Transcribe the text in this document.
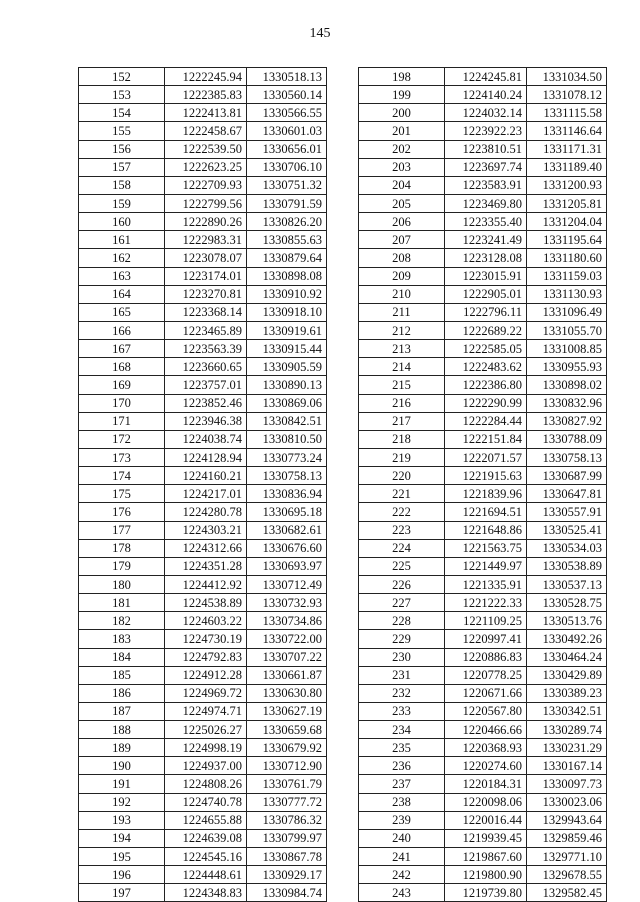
145
152	1222245.94	1330518.13
153	1222385.83	1330560.14
154	1222413.81	1330566.55
155	1222458.67	1330601.03
156	1222539.50	1330656.01
157	1222623.25	1330706.10
158	1222709.93	1330751.32
159	1222799.56	1330791.59
160	1222890.26	1330826.20
161	1222983.31	1330855.63
162	1223078.07	1330879.64
163	1223174.01	1330898.08
164	1223270.81	1330910.92
165	1223368.14	1330918.10
166	1223465.89	1330919.61
167	1223563.39	1330915.44
168	1223660.65	1330905.59
169	1223757.01	1330890.13
170	1223852.46	1330869.06
171	1223946.38	1330842.51
172	1224038.74	1330810.50
173	1224128.94	1330773.24
174	1224160.21	1330758.13
175	1224217.01	1330836.94
176	1224280.78	1330695.18
177	1224303.21	1330682.61
178	1224312.66	1330676.60
179	1224351.28	1330693.97
180	1224412.92	1330712.49
181	1224538.89	1330732.93
182	1224603.22	1330734.86
183	1224730.19	1330722.00
184	1224792.83	1330707.22
185	1224912.28	1330661.87
186	1224969.72	1330630.80
187	1224974.71	1330627.19
188	1225026.27	1330659.68
189	1224998.19	1330679.92
190	1224937.00	1330712.90
191	1224808.26	1330761.79
192	1224740.78	1330777.72
193	1224655.88	1330786.32
194	1224639.08	1330799.97
195	1224545.16	1330867.78
196	1224448.61	1330929.17
197	1224348.83	1330984.74
198	1224245.81	1331034.50
199	1224140.24	1331078.12
200	1224032.14	1331115.58
201	1223922.23	1331146.64
202	1223810.51	1331171.31
203	1223697.74	1331189.40
204	1223583.91	1331200.93
205	1223469.80	1331205.81
206	1223355.40	1331204.04
207	1223241.49	1331195.64
208	1223128.08	1331180.60
209	1223015.91	1331159.03
210	1222905.01	1331130.93
211	1222796.11	1331096.49
212	1222689.22	1331055.70
213	1222585.05	1331008.85
214	1222483.62	1330955.93
215	1222386.80	1330898.02
216	1222290.99	1330832.96
217	1222284.44	1330827.92
218	1222151.84	1330788.09
219	1222071.57	1330758.13
220	1221915.63	1330687.99
221	1221839.96	1330647.81
222	1221694.51	1330557.91
223	1221648.86	1330525.41
224	1221563.75	1330534.03
225	1221449.97	1330538.89
226	1221335.91	1330537.13
227	1221222.33	1330528.75
228	1221109.25	1330513.76
229	1220997.41	1330492.26
230	1220886.83	1330464.24
231	1220778.25	1330429.89
232	1220671.66	1330389.23
233	1220567.80	1330342.51
234	1220466.66	1330289.74
235	1220368.93	1330231.29
236	1220274.60	1330167.14
237	1220184.31	1330097.73
238	1220098.06	1330023.06
239	1220016.44	1329943.64
240	1219939.45	1329859.46
241	1219867.60	1329771.10
242	1219800.90	1329678.55
243	1219739.80	1329582.45
